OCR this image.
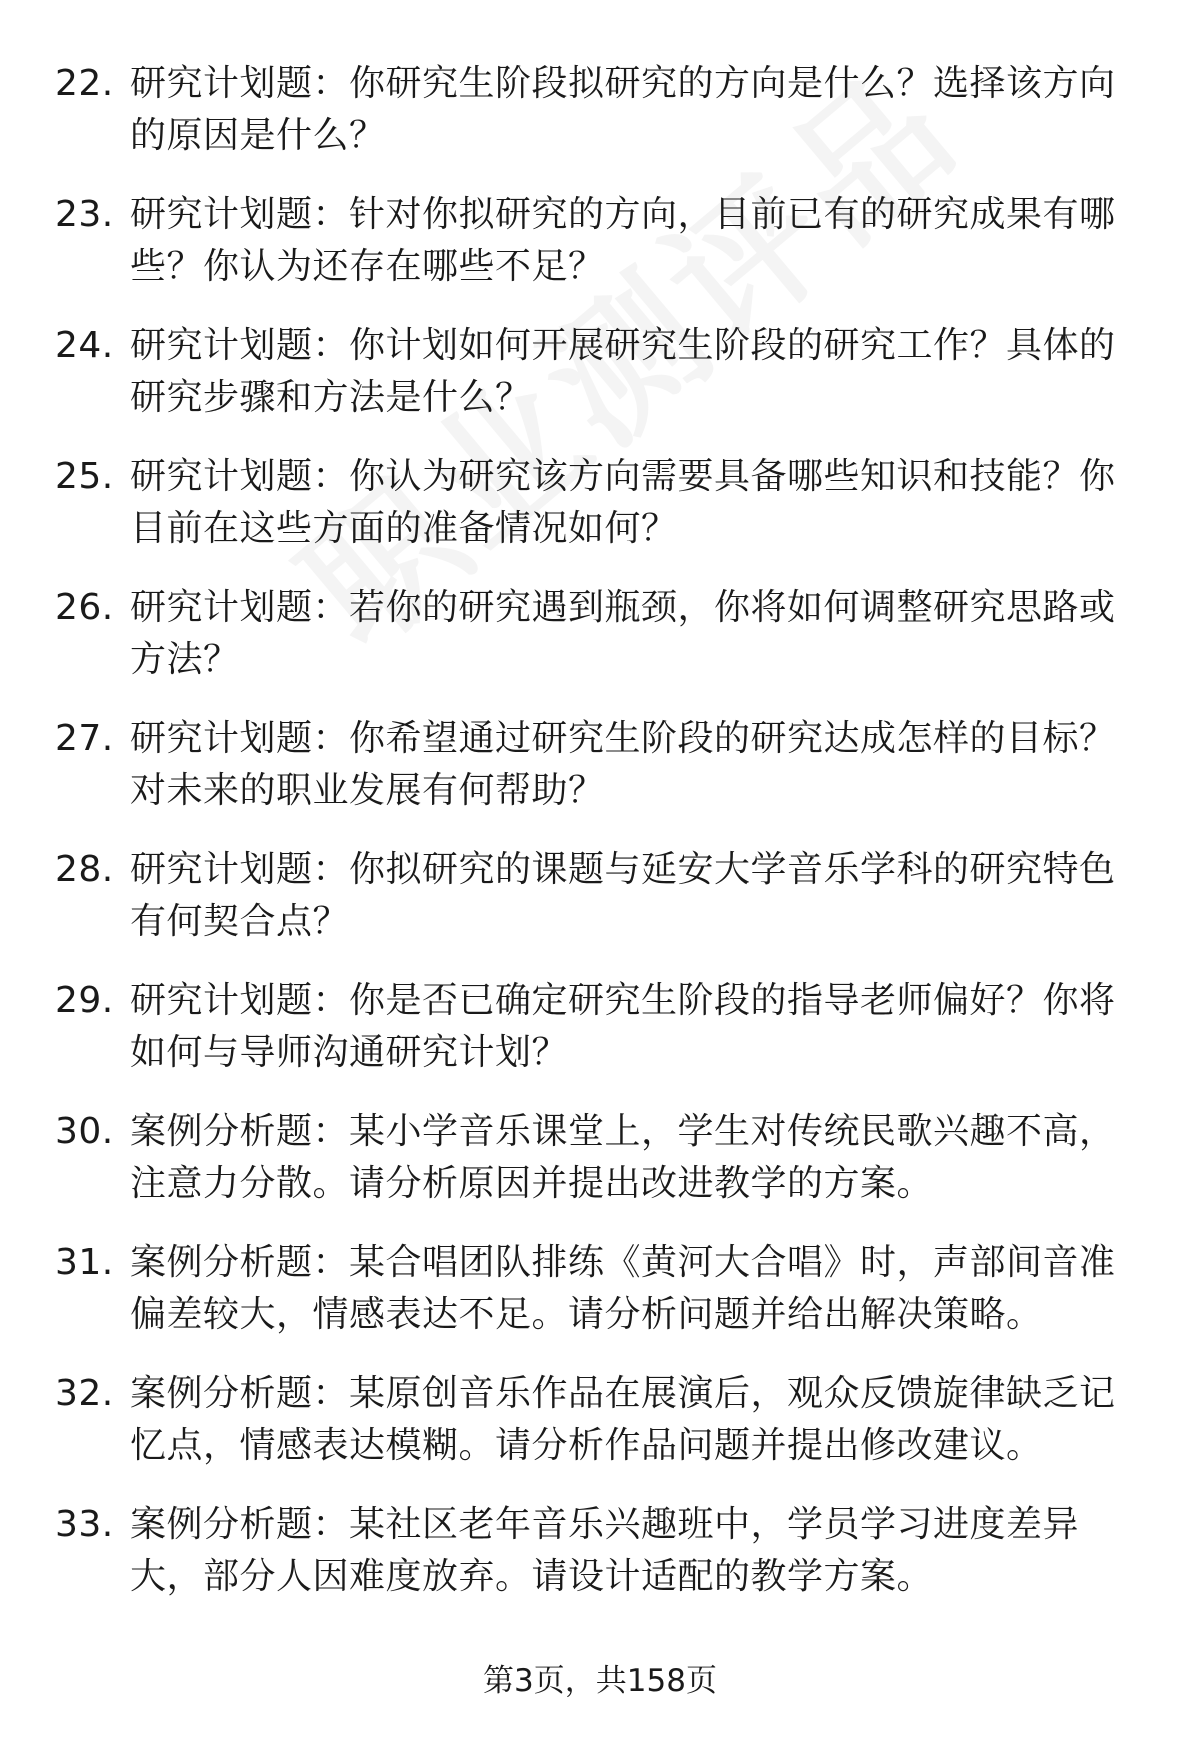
22. 研究计划题：你研究生阶段拟研究的方向是什么？选择该方向的原因是什么？
23. 研究计划题：针对你拟研究的方向，目前已有的研究成果有哪些？你认为还存在哪些不足？
24. 研究计划题：你计划如何开展研究生阶段的研究工作？具体的研究步骤和方法是什么？
25. 研究计划题：你认为研究该方向需要具备哪些知识和技能？你目前在这些方面的准备情况如何？
26. 研究计划题：若你的研究遇到瓶颈，你将如何调整研究思路或方法？
27. 研究计划题：你希望通过研究生阶段的研究达成怎样的目标？对未来的职业发展有何帮助？
28. 研究计划题：你拟研究的课题与延安大学音乐学科的研究特色有何契合点？
29. 研究计划题：你是否已确定研究生阶段的指导老师偏好？你将如何与导师沟通研究计划？
30. 案例分析题：某小学音乐课堂上，学生对传统民歌兴趣不高，注意力分散。请分析原因并提出改进教学的方案。
31. 案例分析题：某合唱团队排练《黄河大合唱》时，声部间音准偏差较大，情感表达不足。请分析问题并给出解决策略。
32. 案例分析题：某原创音乐作品在展演后，观众反馈旋律缺乏记忆点，情感表达模糊。请分析作品问题并提出修改建议。
33. 案例分析题：某社区老年音乐兴趣班中，学员学习进度差异大，部分人因难度放弃。请设计适配的教学方案。
第3页，共158页
